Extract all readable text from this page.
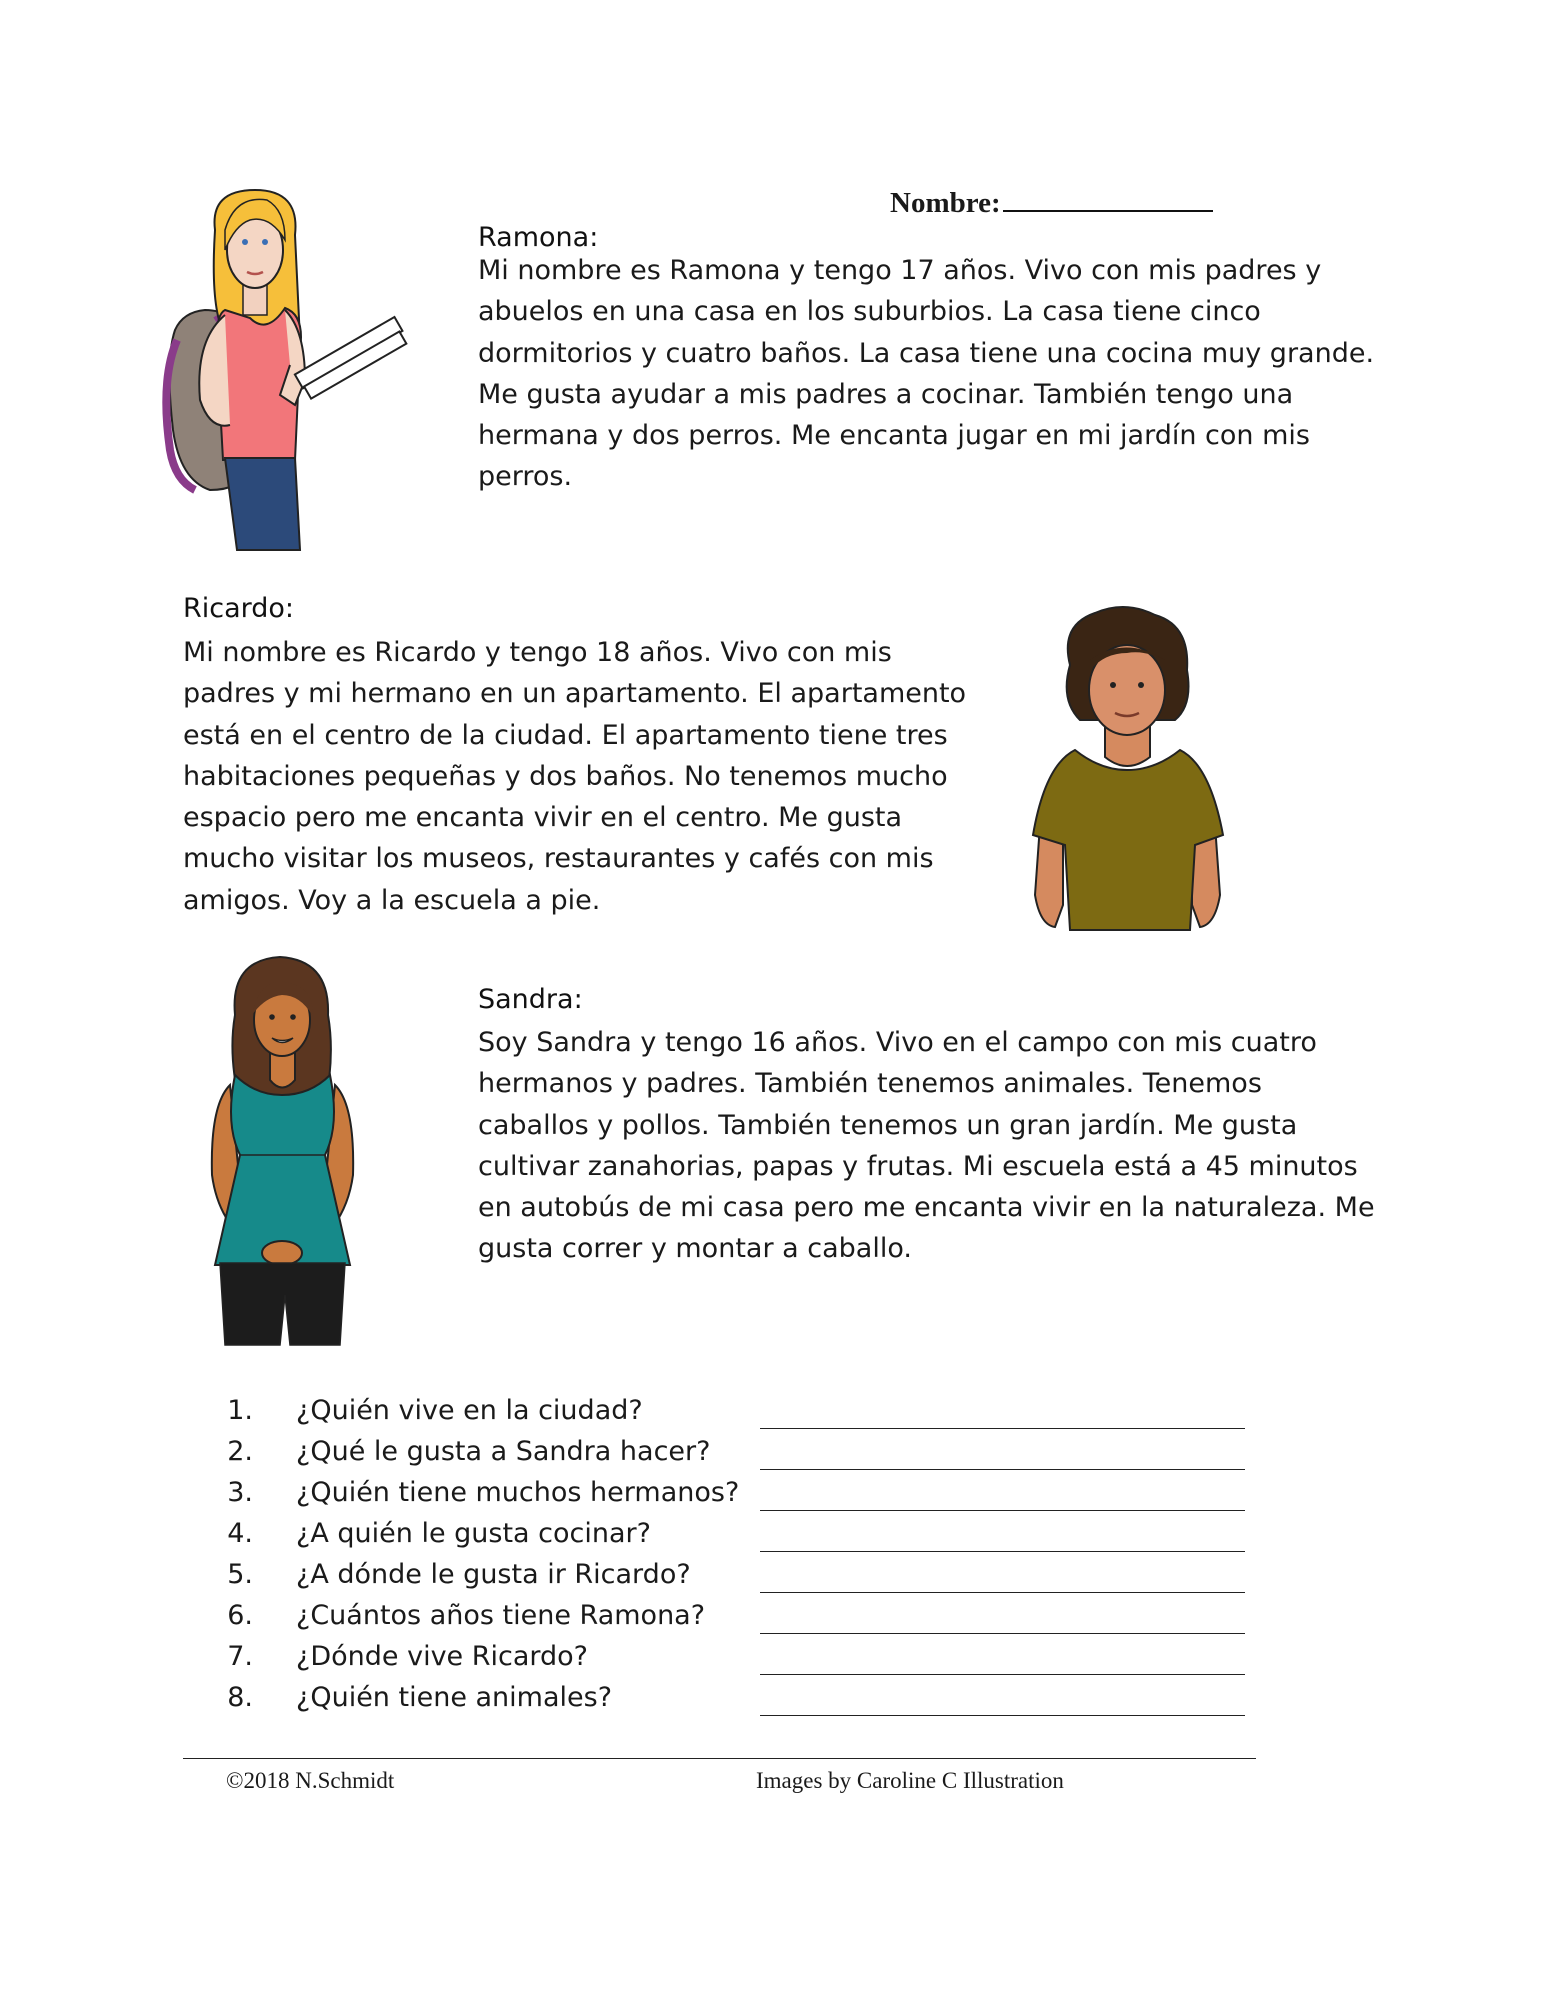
Nombre:
Ramona:
Mi nombre es Ramona y tengo 17 años. Vivo con mis padres y
abuelos en una casa en los suburbios. La casa tiene cinco
dormitorios y cuatro baños. La casa tiene una cocina muy grande.
Me gusta ayudar a mis padres a cocinar. También tengo una
hermana y dos perros. Me encanta jugar en mi jardín con mis
perros.
Ricardo:
Mi nombre es Ricardo y tengo 18 años. Vivo con mis
padres y mi hermano en un apartamento. El apartamento
está en el centro de la ciudad. El apartamento tiene tres
habitaciones pequeñas y dos baños. No tenemos mucho
espacio pero me encanta vivir en el centro. Me gusta
mucho visitar los museos, restaurantes y cafés con mis
amigos. Voy a la escuela a pie.
Sandra:
Soy Sandra y tengo 16 años. Vivo en el campo con mis cuatro
hermanos y padres. También tenemos animales. Tenemos
caballos y pollos. También tenemos un gran jardín. Me gusta
cultivar zanahorias, papas y frutas. Mi escuela está a 45 minutos
en autobús de mi casa pero me encanta vivir en la naturaleza. Me
gusta correr y montar a caballo.
1. ¿Quién vive en la ciudad?
2. ¿Qué le gusta a Sandra hacer?
3. ¿Quién tiene muchos hermanos?
4. ¿A quién le gusta cocinar?
5. ¿A dónde le gusta ir Ricardo?
6. ¿Cuántos años tiene Ramona?
7. ¿Dónde vive Ricardo?
8. ¿Quién tiene animales?
©2018 N.Schmidt	Images by Caroline C Illustration
